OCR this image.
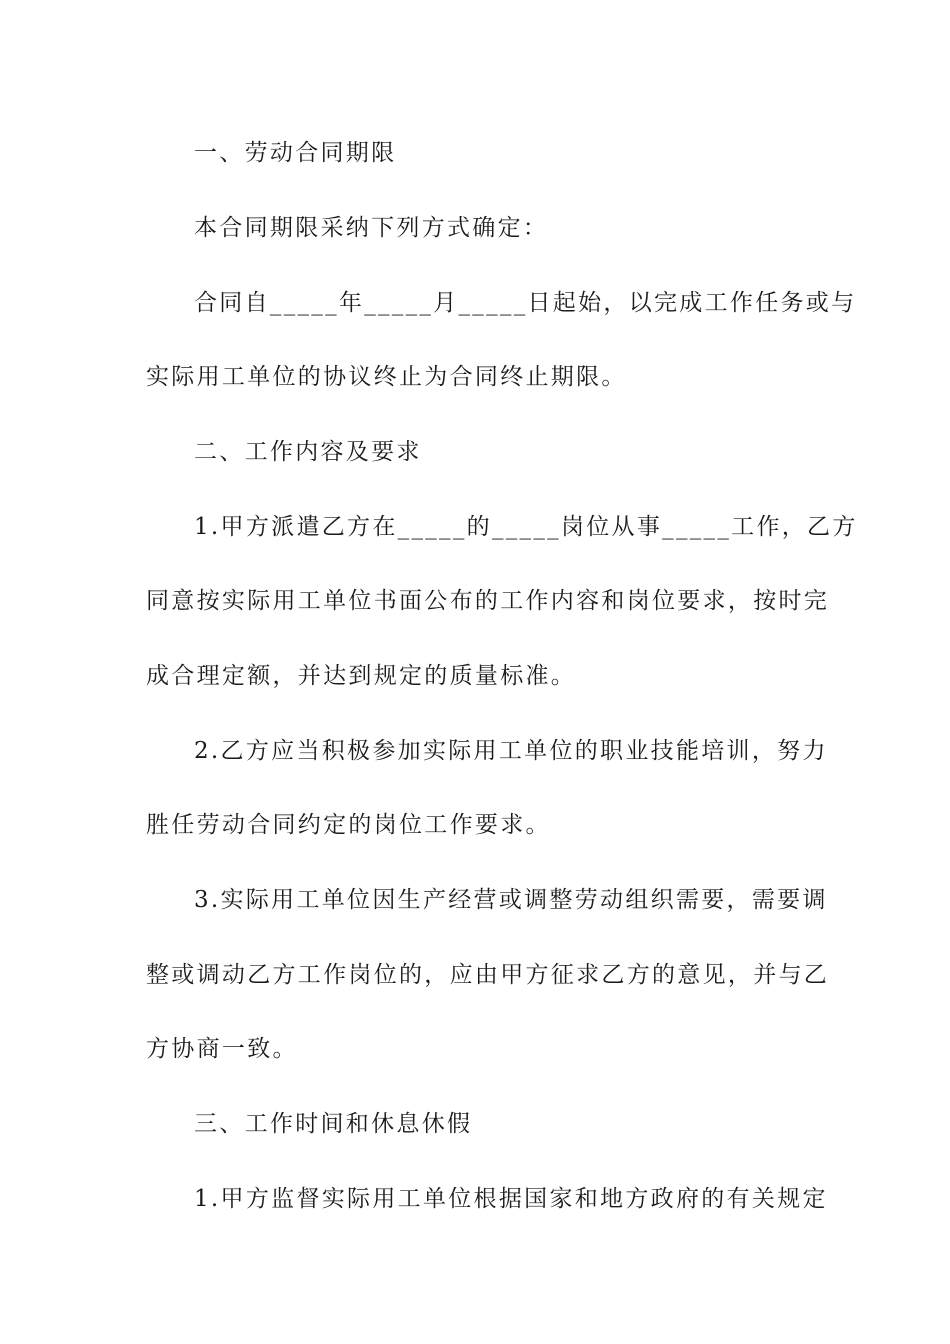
一、劳动合同期限
本合同期限采纳下列方式确定：
合同自_____年_____月_____日起始，以完成工作任务或与
实际用工单位的协议终止为合同终止期限。
二、工作内容及要求
1.甲方派遣乙方在_____的_____岗位从事_____工作，乙方
同意按实际用工单位书面公布的工作内容和岗位要求，按时完
成合理定额，并达到规定的质量标准。
2.乙方应当积极参加实际用工单位的职业技能培训，努力
胜任劳动合同约定的岗位工作要求。
3.实际用工单位因生产经营或调整劳动组织需要，需要调
整或调动乙方工作岗位的，应由甲方征求乙方的意见，并与乙
方协商一致。
三、工作时间和休息休假
1.甲方监督实际用工单位根据国家和地方政府的有关规定
